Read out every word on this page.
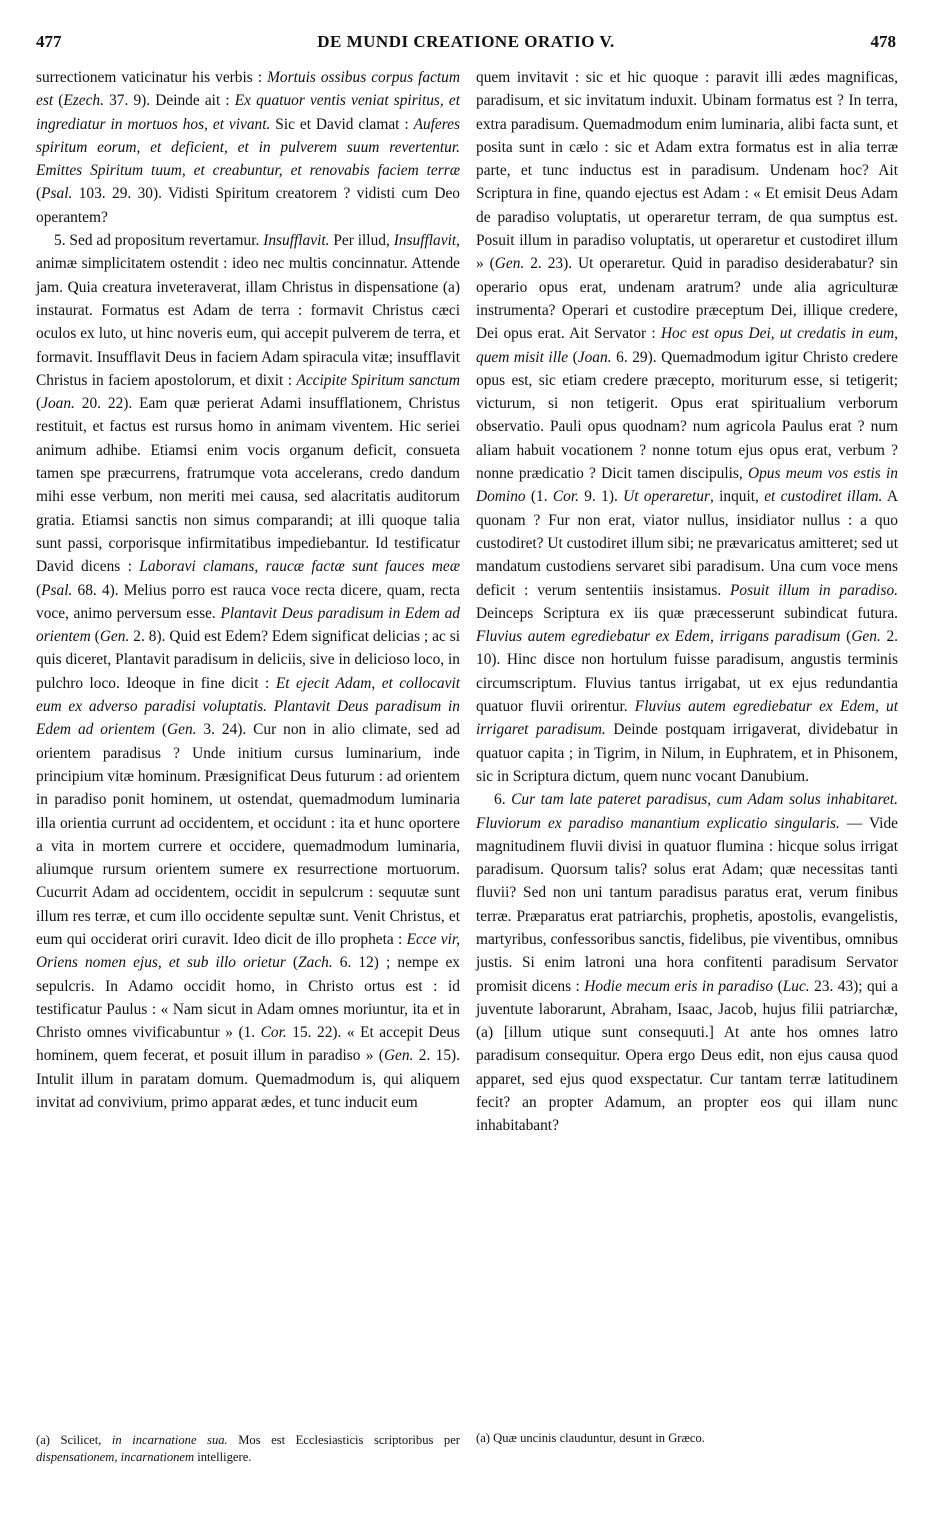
477	DE MUNDI CREATIONE ORATIO V.	478

surrectionem vaticinatur his verbis : Mortuis ossibus corpus factum est (Ezech. 37. 9). Deinde ait : Ex quatuor ventis veniat spiritus, et ingrediatur in mortuos hos, et vivant. Sic et David clamat : Auferes spiritum eorum, et deficient, et in pulverem suum revertentur. Emittes Spiritum tuum, et creabuntur, et renovabis faciem terræ (Psal. 103. 29. 30). Vidisti Spiritum creatorem ? vidisti cum Deo operantem?

5. Sed ad propositum revertamur. Insufflavit. Per illud, Insufflavit, animæ simplicitatem ostendit : ideo nec multis concinnatur. Attende jam. Quia creatura inveteraverat, illam Christus in dispensatione (a) instaurat. Formatus est Adam de terra : formavit Christus cæci oculos ex luto, ut hinc noveris eum, qui accepit pulverem de terra, et formavit. Insufflavit Deus in faciem Adam spiracula vitæ; insufflavit Christus in faciem apostolorum, et dixit : Accipite Spiritum sanctum (Joan. 20. 22). Eam quæ perierat Adami insufflationem, Christus restituit, et factus est rursus homo in animam viventem. Hic seriei animum adhibe. Etiamsi enim vocis organum deficit, consueta tamen spe præcurrens, fratrumque vota accelerans, credo dandum mihi esse verbum, non meriti mei causa, sed alacritatis auditorum gratia. Etiamsi sanctis non simus comparandi; at illi quoque talia sunt passi, corporisque infirmitatibus impediebantur. Id testificatur David dicens : Laboravi clamans, raucæ factæ sunt fauces meæ (Psal. 68. 4). Melius porro est rauca voce recta dicere, quam, recta voce, animo perversum esse. Plantavit Deus paradisum in Edem ad orientem (Gen. 2. 8). Quid est Edem? Edem significat delicias ; ac si quis diceret, Plantavit paradisum in deliciis, sive in delicioso loco, in pulchro loco. Ideoque in fine dicit : Et ejecit Adam, et collocavit eum ex adverso paradisi voluptatis. Plantavit Deus paradisum in Edem ad orientem (Gen. 3. 24). Cur non in alio climate, sed ad orientem paradisus ? Unde initium cursus luminarium, inde principium vitæ hominum. Præsignificat Deus futurum : ad orientem in paradiso ponit hominem, ut ostendat, quemadmodum luminaria illa orientia currunt ad occidentem, et occidunt : ita et hunc oportere a vita in mortem currere et occidere, quemadmodum luminaria, aliumque rursum orientem sumere ex resurrectione mortuorum. Cucurrit Adam ad occidentem, occidit in sepulcrum : sequutæ sunt illum res terræ, et cum illo occidente sepultæ sunt. Venit Christus, et eum qui occiderat oriri curavit. Ideo dicit de illo propheta : Ecce vir, Oriens nomen ejus, et sub illo orietur (Zach. 6. 12) ; nempe ex sepulcris. In Adamo occidit homo, in Christo ortus est : id testificatur Paulus : « Nam sicut in Adam omnes moriuntur, ita et in Christo omnes vivificabuntur » (1. Cor. 15. 22). « Et accepit Deus hominem, quem fecerat, et posuit illum in paradiso » (Gen. 2. 15). Intulit illum in paratam domum. Quemadmodum is, qui aliquem invitat ad convivium, primo apparat ædes, et tunc inducit eum

quem invitavit : sic et hic quoque : paravit illi ædes magnificas, paradisum, et sic invitatum induxit. Ubinam formatus est ? In terra, extra paradisum. Quemadmodum enim luminaria, alibi facta sunt, et posita sunt in cælo : sic et Adam extra formatus est in alia terræ parte, et tunc inductus est in paradisum. Undenam hoc? Ait Scriptura in fine, quando ejectus est Adam : « Et emisit Deus Adam de paradiso voluptatis, ut operaretur terram, de qua sumptus est. Posuit illum in paradiso voluptatis, ut operaretur et custodiret illum » (Gen. 2. 23). Ut operaretur. Quid in paradiso desiderabatur? sin operario opus erat, undenam aratrum? unde alia agriculturæ instrumenta? Operari et custodire præceptum Dei, illique credere, Dei opus erat. Ait Servator : Hoc est opus Dei, ut credatis in eum, quem misit ille (Joan. 6. 29). Quemadmodum igitur Christo credere opus est, sic etiam credere præcepto, moriturum esse, si tetigerit; victurum, si non tetigerit. Opus erat spiritualium verborum observatio. Pauli opus quodnam? num agricola Paulus erat ? num aliam habuit vocationem ? nonne totum ejus opus erat, verbum ? nonne prædicatio ? Dicit tamen discipulis, Opus meum vos estis in Domino (1. Cor. 9. 1). Ut operaretur, inquit, et custodiret illam. A quonam ? Fur non erat, viator nullus, insidiator nullus : a quo custodiret? Ut custodiret illum sibi; ne prævaricatus amitteret; sed ut mandatum custodiens servaret sibi paradisum. Una cum voce mens deficit : verum sententiis insistamus. Posuit illum in paradiso. Deinceps Scriptura ex iis quæ præcesserunt subindicat futura. Fluvius autem egrediebatur ex Edem, irrigans paradisum (Gen. 2. 10). Hinc disce non hortulum fuisse paradisum, angustis terminis circumscriptum. Fluvius tantus irrigabat, ut ex ejus redundantia quatuor fluvii orirentur. Fluvius autem egrediebatur ex Edem, ut irrigaret paradisum. Deinde postquam irrigaverat, dividebatur in quatuor capita ; in Tigrim, in Nilum, in Euphratem, et in Phisonem, sic in Scriptura dictum, quem nunc vocant Danubium.

6. Cur tam late pateret paradisus, cum Adam solus inhabitaret. Fluviorum ex paradiso manantium explicatio singularis. — Vide magnitudinem fluvii divisi in quatuor flumina : hicque solus irrigat paradisum. Quorsum talis? solus erat Adam; quæ necessitas tanti fluvii? Sed non uni tantum paradisus paratus erat, verum finibus terræ. Præparatus erat patriarchis, prophetis, apostolis, evangelistis, martyribus, confessoribus sanctis, fidelibus, pie viventibus, omnibus justis. Si enim latroni una hora confitenti paradisum Servator promisit dicens : Hodie mecum eris in paradiso (Luc. 23. 43); qui a juventute laborarunt, Abraham, Isaac, Jacob, hujus filii patriarchæ, (a) [illum utique sunt consequuti.] At ante hos omnes latro paradisum consequitur. Opera ergo Deus edit, non ejus causa quod apparet, sed ejus quod exspectatur. Cur tantam terræ latitudinem fecit? an propter Adamum, an propter eos qui illam nunc inhabitabant?

(a) Scilicet, in incarnatione sua. Mos est Ecclesiasticis scriptoribus per dispensationem, incarnationem intelligere.
(a) Quæ uncinis clauduntur, desunt in Græco.
